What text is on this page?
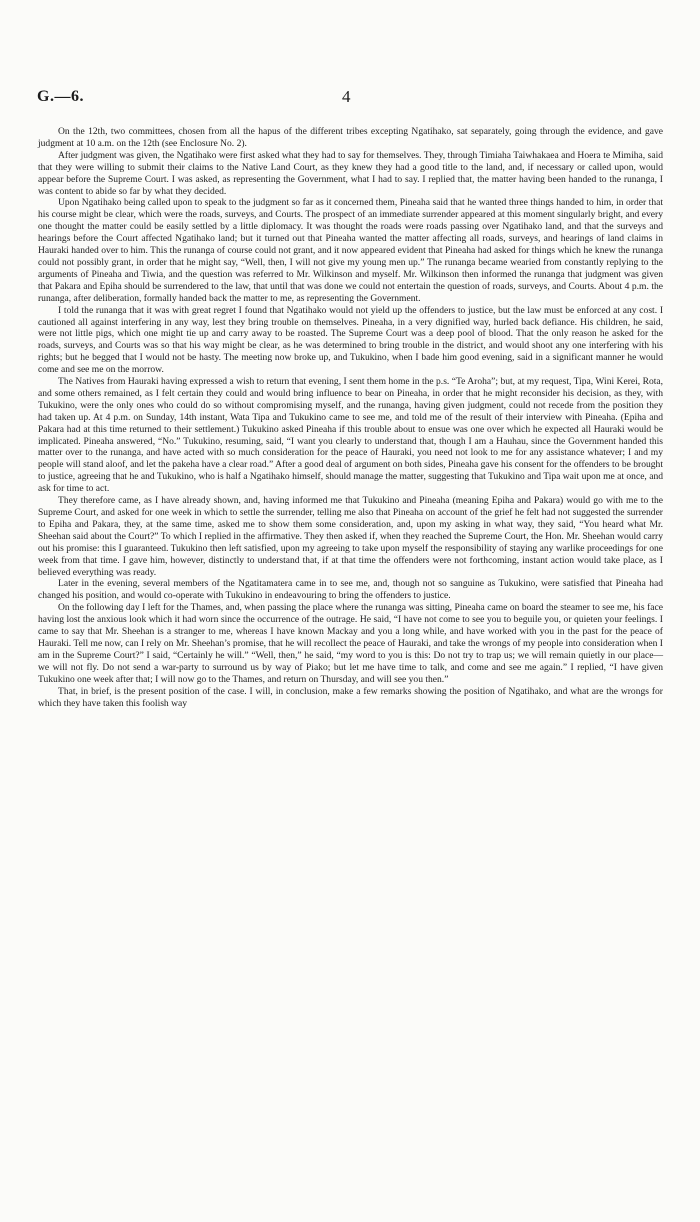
G.—6.	4

On the 12th, two committees, chosen from all the hapus of the different tribes excepting Ngatihako, sat separately, going through the evidence, and gave judgment at 10 a.m. on the 12th (see Enclosure No. 2).

After judgment was given, the Ngatihako were first asked what they had to say for themselves. They, through Timiaha Taiwhakaea and Hoera te Mimiha, said that they were willing to submit their claims to the Native Land Court, as they knew they had a good title to the land, and, if necessary or called upon, would appear before the Supreme Court. I was asked, as representing the Government, what I had to say. I replied that, the matter having been handed to the runanga, I was content to abide so far by what they decided.

Upon Ngatihako being called upon to speak to the judgment so far as it concerned them, Pineaha said that he wanted three things handed to him, in order that his course might be clear, which were the roads, surveys, and Courts. The prospect of an immediate surrender appeared at this moment singularly bright, and every one thought the matter could be easily settled by a little diplomacy. It was thought the roads were roads passing over Ngatihako land, and that the surveys and hearings before the Court affected Ngatihako land; but it turned out that Pineaha wanted the matter affecting all roads, surveys, and hearings of land claims in Hauraki handed over to him. This the runanga of course could not grant, and it now appeared evident that Pineaha had asked for things which he knew the runanga could not possibly grant, in order that he might say, “Well, then, I will not give my young men up.” The runanga became wearied from constantly replying to the arguments of Pineaha and Tiwia, and the question was referred to Mr. Wilkinson and myself. Mr. Wilkinson then informed the runanga that judgment was given that Pakara and Epiha should be surrendered to the law, that until that was done we could not entertain the question of roads, surveys, and Courts. About 4 p.m. the runanga, after deliberation, formally handed back the matter to me, as representing the Government.

I told the runanga that it was with great regret I found that Ngatihako would not yield up the offenders to justice, but the law must be enforced at any cost. I cautioned all against interfering in any way, lest they bring trouble on themselves. Pineaha, in a very dignified way, hurled back defiance. His children, he said, were not little pigs, which one might tie up and carry away to be roasted. The Supreme Court was a deep pool of blood. That the only reason he asked for the roads, surveys, and Courts was so that his way might be clear, as he was determined to bring trouble in the district, and would shoot any one interfering with his rights; but he begged that I would not be hasty. The meeting now broke up, and Tukukino, when I bade him good evening, said in a significant manner he would come and see me on the morrow.

The Natives from Hauraki having expressed a wish to return that evening, I sent them home in the p.s. “Te Aroha”; but, at my request, Tipa, Wini Kerei, Rota, and some others remained, as I felt certain they could and would bring influence to bear on Pineaha, in order that he might reconsider his decision, as they, with Tukukino, were the only ones who could do so without compromising myself, and the runanga, having given judgment, could not recede from the position they had taken up. At 4 p.m. on Sunday, 14th instant, Wata Tipa and Tukukino came to see me, and told me of the result of their interview with Pineaha. (Epiha and Pakara had at this time returned to their settlement.) Tukukino asked Pineaha if this trouble about to ensue was one over which he expected all Hauraki would be implicated. Pineaha answered, “No.” Tukukino, resuming, said, “I want you clearly to understand that, though I am a Hauhau, since the Government handed this matter over to the runanga, and have acted with so much consideration for the peace of Hauraki, you need not look to me for any assistance whatever; I and my people will stand aloof, and let the pakeha have a clear road.” After a good deal of argument on both sides, Pineaha gave his consent for the offenders to be brought to justice, agreeing that he and Tukukino, who is half a Ngatihako himself, should manage the matter, suggesting that Tukukino and Tipa wait upon me at once, and ask for time to act.

They therefore came, as I have already shown, and, having informed me that Tukukino and Pineaha (meaning Epiha and Pakara) would go with me to the Supreme Court, and asked for one week in which to settle the surrender, telling me also that Pineaha on account of the grief he felt had not suggested the surrender to Epiha and Pakara, they, at the same time, asked me to show them some consideration, and, upon my asking in what way, they said, “You heard what Mr. Sheehan said about the Court?” To which I replied in the affirmative. They then asked if, when they reached the Supreme Court, the Hon. Mr. Sheehan would carry out his promise: this I guaranteed. Tukukino then left satisfied, upon my agreeing to take upon myself the responsibility of staying any warlike proceedings for one week from that time. I gave him, however, distinctly to understand that, if at that time the offenders were not forthcoming, instant action would take place, as I believed everything was ready.

Later in the evening, several members of the Ngatitamatera came in to see me, and, though not so sanguine as Tukukino, were satisfied that Pineaha had changed his position, and would co-operate with Tukukino in endeavouring to bring the offenders to justice.

On the following day I left for the Thames, and, when passing the place where the runanga was sitting, Pineaha came on board the steamer to see me, his face having lost the anxious look which it had worn since the occurrence of the outrage. He said, “I have not come to see you to beguile you, or quieten your feelings. I came to say that Mr. Sheehan is a stranger to me, whereas I have known Mackay and you a long while, and have worked with you in the past for the peace of Hauraki. Tell me now, can I rely on Mr. Sheehan’s promise, that he will recollect the peace of Hauraki, and take the wrongs of my people into consideration when I am in the Supreme Court?” I said, “Certainly he will.” “Well, then,” he said, “my word to you is this: Do not try to trap us; we will remain quietly in our place—we will not fly. Do not send a war-party to surround us by way of Piako; but let me have time to talk, and come and see me again.” I replied, “I have given Tukukino one week after that; I will now go to the Thames, and return on Thursday, and will see you then.”

That, in brief, is the present position of the case. I will, in conclusion, make a few remarks showing the position of Ngatihako, and what are the wrongs for which they have taken this foolish way
